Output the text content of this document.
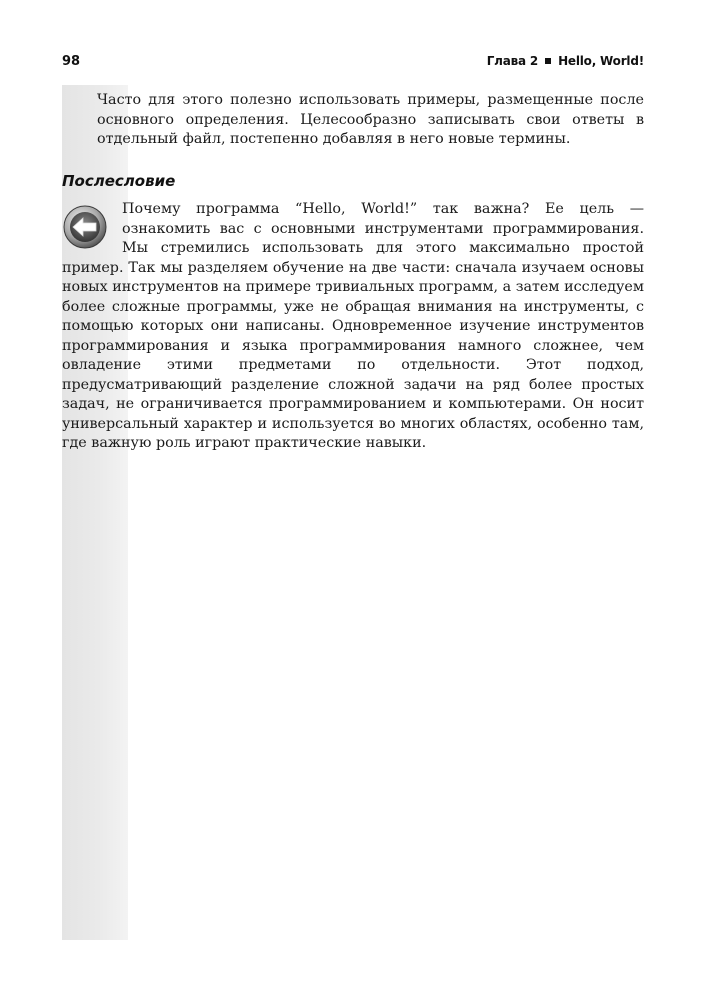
98	Глава 2 Hello, World!

Часто для этого полезно использовать примеры, размещенные после основного определения. Целесообразно записывать свои ответы в отдельный файл, постепенно добавляя в него новые термины.

Послесловие
Почему программа “Hello, World!” так важна? Ее цель — ознакомить вас с основными инструментами программирования. Мы стремились использовать для этого максимально простой пример. Так мы разделяем обучение на две части: сначала изучаем основы новых инструментов на примере тривиальных программ, а затем исследуем более сложные программы, уже не обращая внимания на инструменты, с помощью которых они написаны. Одновременное изучение инструментов программирования и языка программирования намного сложнее, чем овладение этими предметами по отдельности. Этот подход, предусматривающий разделение сложной задачи на ряд более простых задач, не ограничивается программированием и компьютерами. Он носит универсальный характер и используется во многих областях, особенно там, где важную роль играют практические навыки.
